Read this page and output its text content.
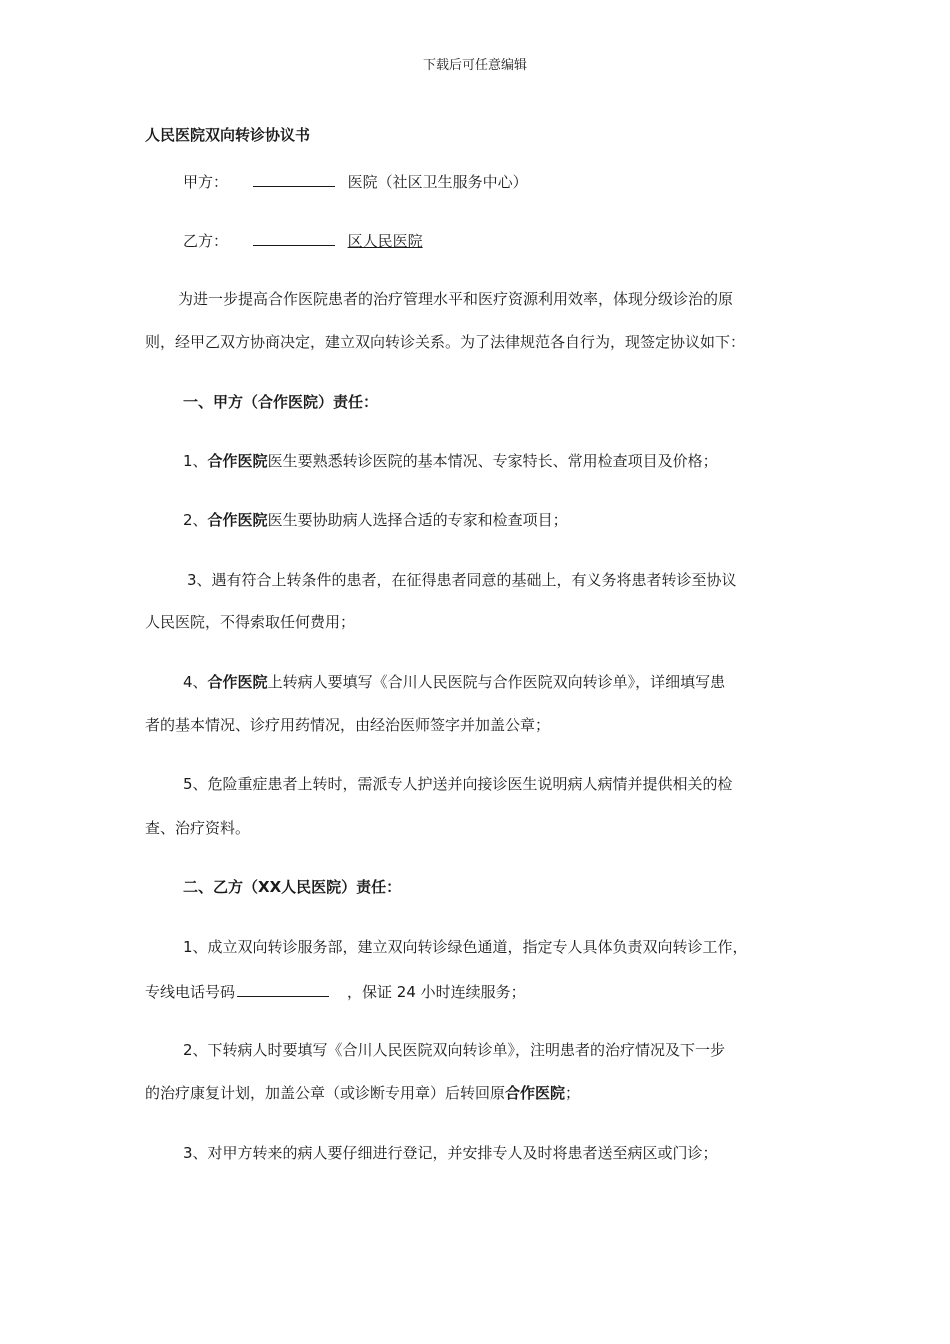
下载后可任意编辑
人民医院双向转诊协议书
甲方：	医院（社区卫生服务中心）
乙方：	区人民医院
为进一步提高合作医院患者的治疗管理水平和医疗资源利用效率，体现分级诊治的原
则，经甲乙双方协商决定，建立双向转诊关系。为了法律规范各自行为，现签定协议如下：
一、甲方（合作医院）责任：
1、合作医院医生要熟悉转诊医院的基本情况、专家特长、常用检查项目及价格；
2、合作医院医生要协助病人选择合适的专家和检查项目；
3、遇有符合上转条件的患者，在征得患者同意的基础上，有义务将患者转诊至协议
人民医院，不得索取任何费用；
4、合作医院上转病人要填写《合川人民医院与合作医院双向转诊单》，详细填写患
者的基本情况、诊疗用药情况，由经治医师签字并加盖公章；
5、危险重症患者上转时，需派专人护送并向接诊医生说明病人病情并提供相关的检
查、治疗资料。
二、乙方（XX人民医院）责任：
1、成立双向转诊服务部，建立双向转诊绿色通道，指定专人具体负责双向转诊工作，
专线电话号码	，保证 24 小时连续服务；
2、下转病人时要填写《合川人民医院双向转诊单》，注明患者的治疗情况及下一步
的治疗康复计划，加盖公章（或诊断专用章）后转回原合作医院；
3、对甲方转来的病人要仔细进行登记，并安排专人及时将患者送至病区或门诊；
